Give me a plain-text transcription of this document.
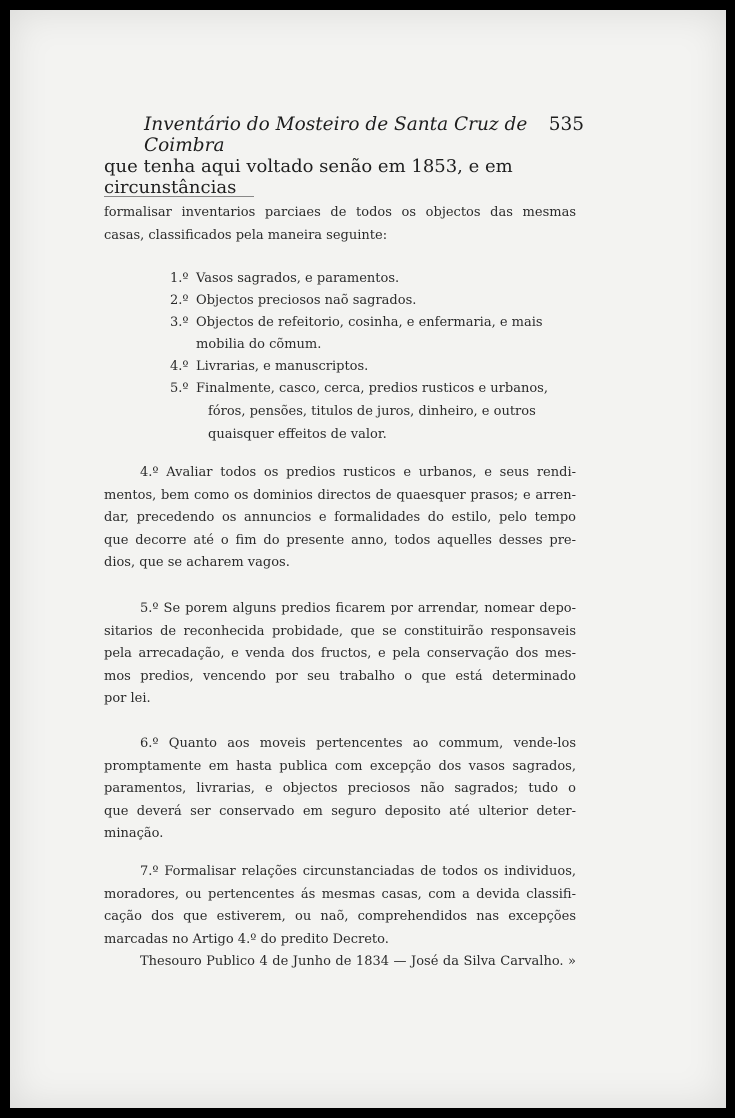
Inventário do Mosteiro de Santa Cruz de Coimbra
535
que tenha aqui voltado senão em 1853, e em circunstâncias
formalisar inventarios parciaes de todos os objectos das mesmas
casas, classificados pela maneira seguinte:
1.º Vasos sagrados, e paramentos.
2.º Objectos preciosos naõ sagrados.
3.º Objectos de refeitorio, cosinha, e enfermaria, e mais
mobilia do cõmum.
4.º Livrarias, e manuscriptos.
5.º Finalmente, casco, cerca, predios rusticos e urbanos,
fóros, pensões, titulos de juros, dinheiro, e outros
quaisquer effeitos de valor.
4.º Avaliar todos os predios rusticos e urbanos, e seus rendi-
mentos, bem como os dominios directos de quaesquer prasos; e arren-
dar, precedendo os annuncios e formalidades do estilo, pelo tempo
que decorre até o fim do presente anno, todos aquelles desses pre-
dios, que se acharem vagos.
5.º Se porem alguns predios ficarem por arrendar, nomear depo-
sitarios de reconhecida probidade, que se constituirão responsaveis
pela arrecadação, e venda dos fructos, e pela conservação dos mes-
mos predios, vencendo por seu trabalho o que está determinado
por lei.
6.º Quanto aos moveis pertencentes ao commum, vende-los
promptamente em hasta publica com excepção dos vasos sagrados,
paramentos, livrarias, e objectos preciosos não sagrados; tudo o
que deverá ser conservado em seguro deposito até ulterior deter-
minação.
7.º Formalisar relações circunstanciadas de todos os individuos,
moradores, ou pertencentes ás mesmas casas, com a devida classifi-
cação dos que estiverem, ou naõ, comprehendidos nas excepções
marcadas no Artigo 4.º do predito Decreto.
Thesouro Publico 4 de Junho de 1834 — José da Silva Carvalho. »
